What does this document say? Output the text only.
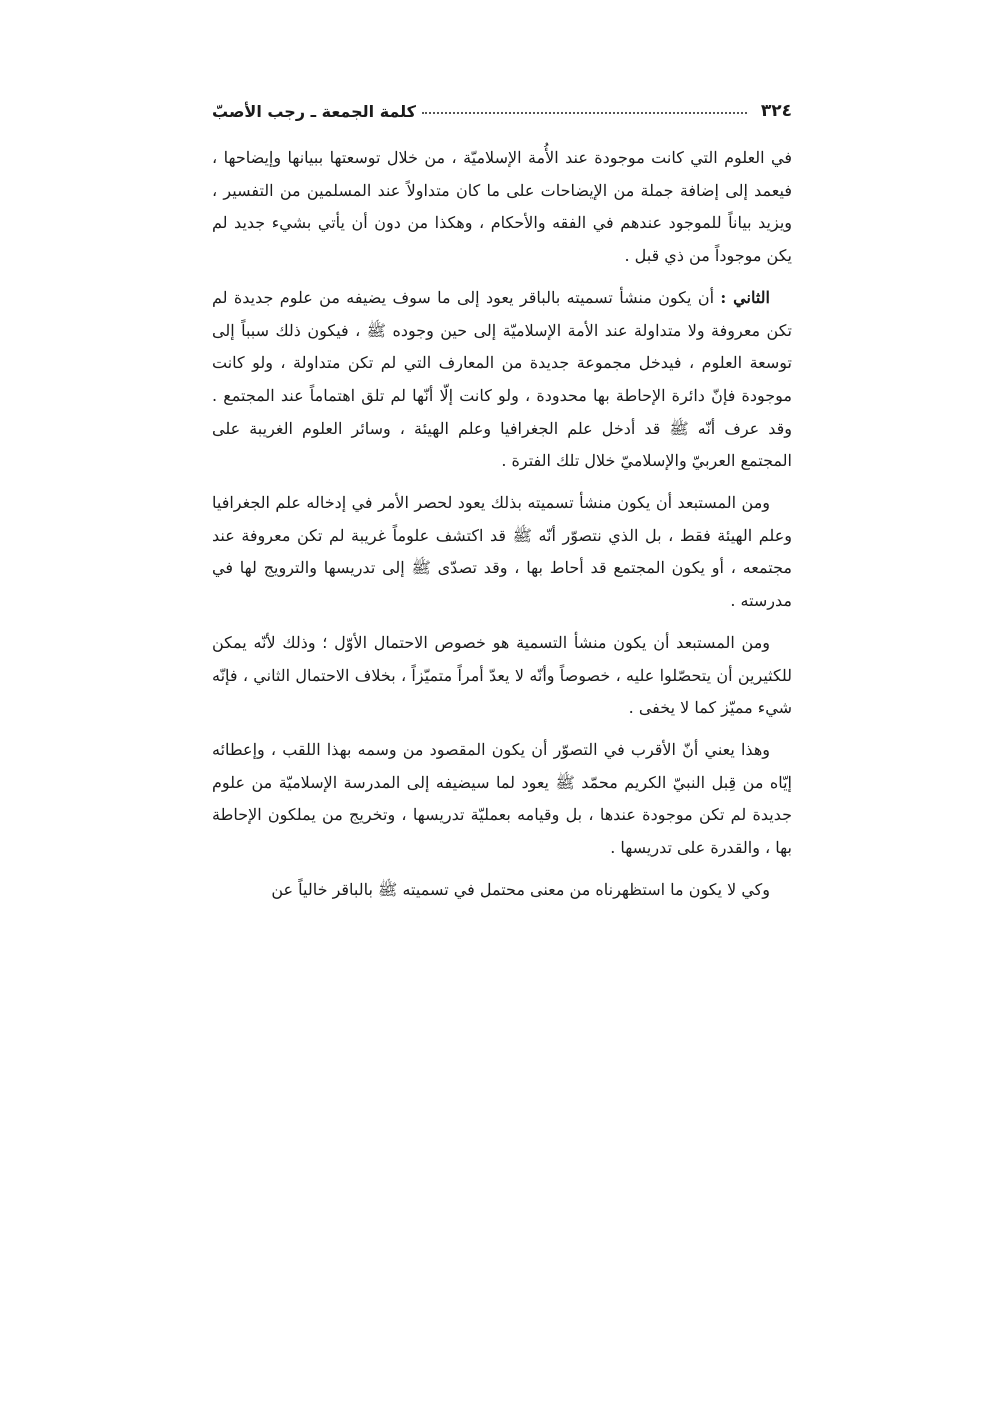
٣٢٤
كلمة الجمعة ـ رجب الأصبّ

في العلوم التي كانت موجودة عند الأُمة الإسلاميّة ، من خلال توسعتها ببيانها وإيضاحها ، فيعمد إلى إضافة جملة من الإيضاحات على ما كان متداولاً عند المسلمين من التفسير ، ويزيد بياناً للموجود عندهم في الفقه والأحكام ، وهكذا من دون أن يأتي بشيء جديد لم يكن موجوداً من ذي قبل .

الثاني : أن يكون منشأ تسميته بالباقر يعود إلى ما سوف يضيفه من علوم جديدة لم تكن معروفة ولا متداولة عند الأمة الإسلاميّة إلى حين وجوده ﷺ ، فيكون ذلك سبباً إلى توسعة العلوم ، فيدخل مجموعة جديدة من المعارف التي لم تكن متداولة ، ولو كانت موجودة فإنّ دائرة الإحاطة بها محدودة ، ولو كانت إلّا أنّها لم تلق اهتماماً عند المجتمع . وقد عرف أنّه ﷺ قد أدخل علم الجغرافيا وعلم الهيئة ، وسائر العلوم الغريبة على المجتمع العربيّ والإسلاميّ خلال تلك الفترة .

ومن المستبعد أن يكون منشأ تسميته بذلك يعود لحصر الأمر في إدخاله علم الجغرافيا وعلم الهيئة فقط ، بل الذي نتصوّر أنّه ﷺ قد اكتشف علوماً غريبة لم تكن معروفة عند مجتمعه ، أو يكون المجتمع قد أحاط بها ، وقد تصدّى ﷺ إلى تدريسها والترويج لها في مدرسته .

ومن المستبعد أن يكون منشأ التسمية هو خصوص الاحتمال الأوّل ؛ وذلك لأنّه يمكن للكثيرين أن يتحصّلوا عليه ، خصوصاً وأنّه لا يعدّ أمراً متميّزاً ، بخلاف الاحتمال الثاني ، فإنّه شيء مميّز كما لا يخفى .

وهذا يعني أنّ الأقرب في التصوّر أن يكون المقصود من وسمه بهذا اللقب ، وإعطائه إيّاه من قِبل النبيّ الكريم محمّد ﷺ يعود لما سيضيفه إلى المدرسة الإسلاميّة من علوم جديدة لم تكن موجودة عندها ، بل وقيامه بعمليّة تدريسها ، وتخريج من يملكون الإحاطة بها ، والقدرة على تدريسها .

وكي لا يكون ما استظهرناه من معنى محتمل في تسميته ﷺ بالباقر خالياً عن
